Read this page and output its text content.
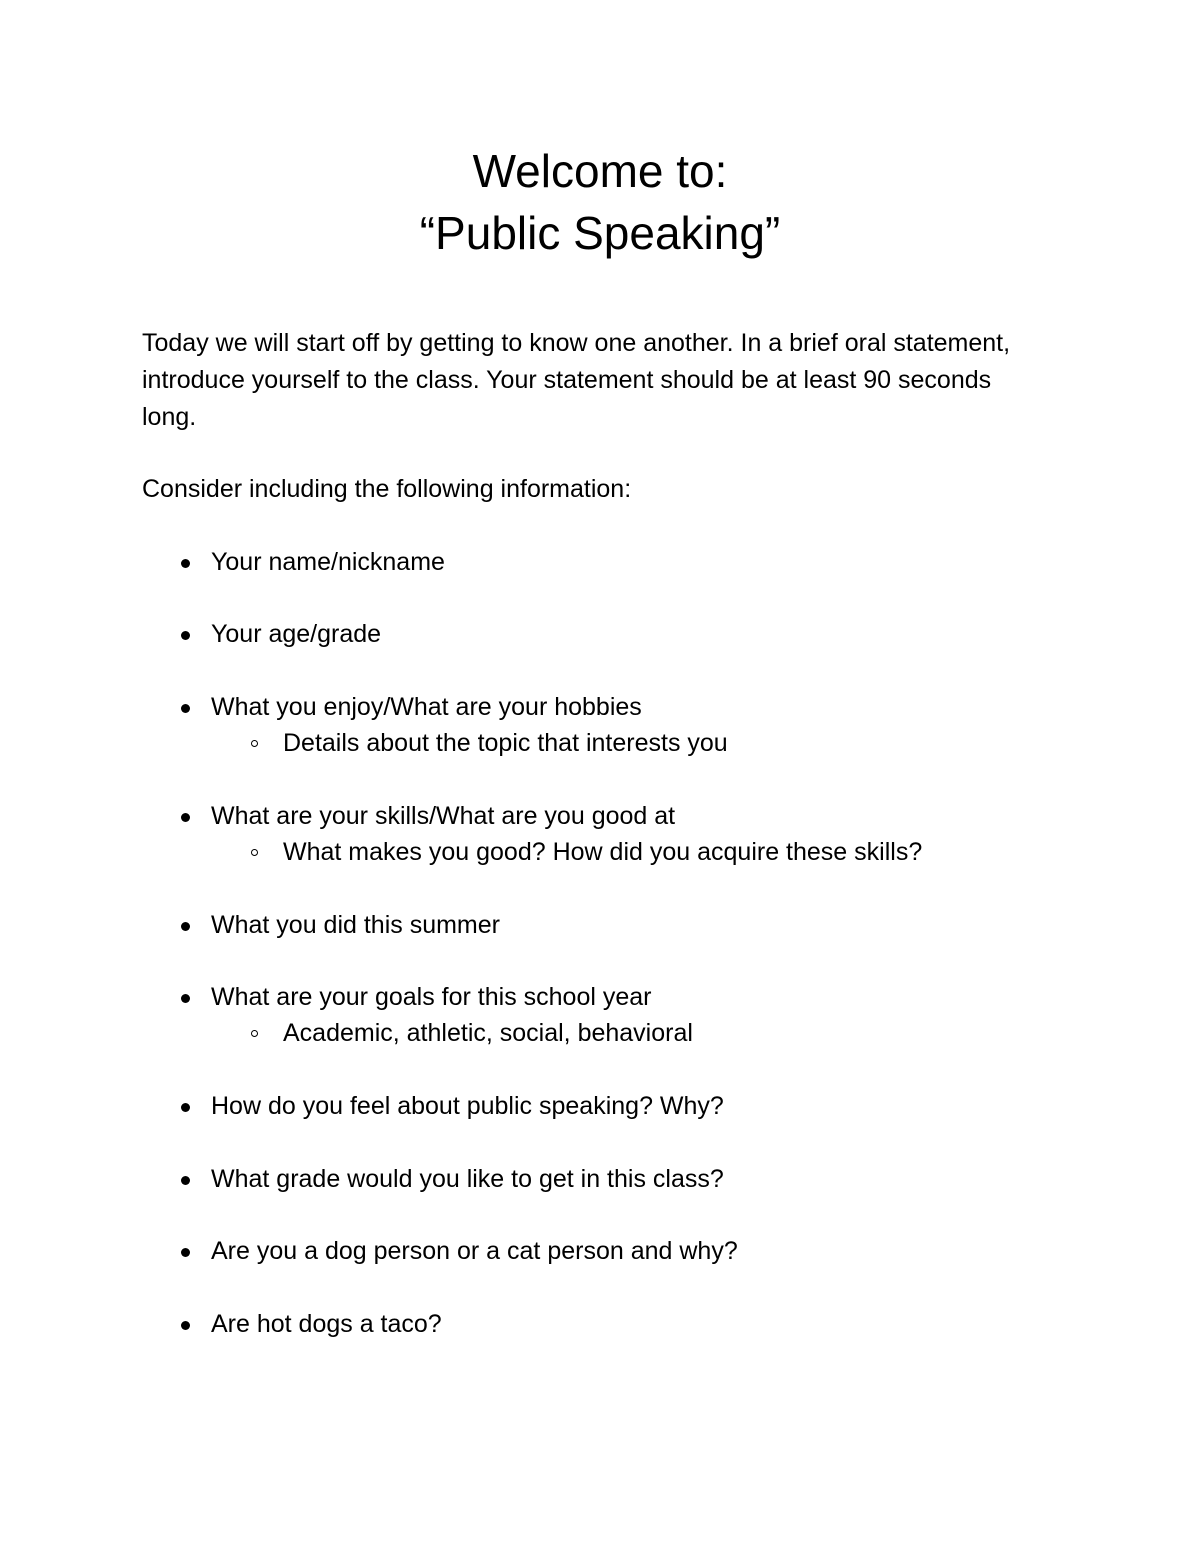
Welcome to:
“Public Speaking”
Today we will start off by getting to know one another. In a brief oral statement, introduce yourself to the class. Your statement should be at least 90 seconds long.
Consider including the following information:
Your name/nickname
Your age/grade
What you enjoy/What are your hobbies
Details about the topic that interests you
What are your skills/What are you good at
What makes you good? How did you acquire these skills?
What you did this summer
What are your goals for this school year
Academic, athletic, social, behavioral
How do you feel about public speaking? Why?
What grade would you like to get in this class?
Are you a dog person or a cat person and why?
Are hot dogs a taco?
